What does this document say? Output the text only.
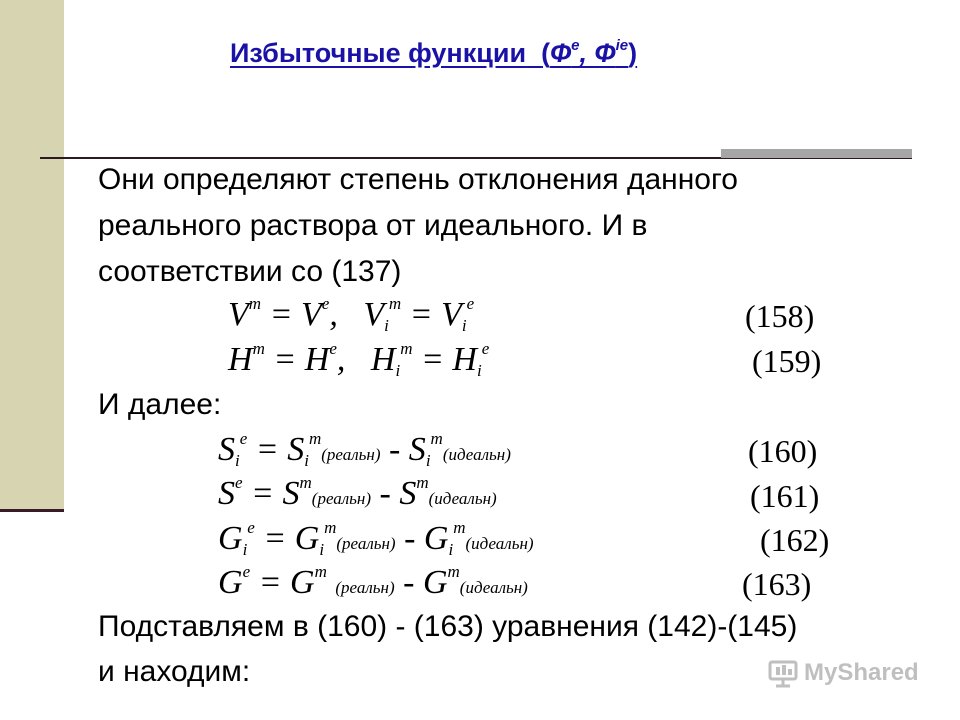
Избыточные функции ($Ф^e$, $Ф^{ie}$)
Они определяют степень отклонения данного
реального раствора от идеального. И в
соответствии со (137)
$V^m = V^e$,   $V_i^m = V_i^e$	(158)
$H^m = H^e$,   $H_i^m = H_i^e$	(159)
И далее:
$S_i^e$ = $S_i^m(реальн)$ - $S_i^m(идеальн)$	(160)
$S^e$ = $S^m(реальн)$ - $S^m(идеальн)$	(161)
$G_i^e$ = $G_i^m(реальн)$ - $G_i^m(идеальн)$	(162)
$G^e = G^m$ (реальн) - $G^m(идеальн)$	(163)
Подставляем в (160) - (163) уравнения (142)-(145)
и находим:	MyShared
